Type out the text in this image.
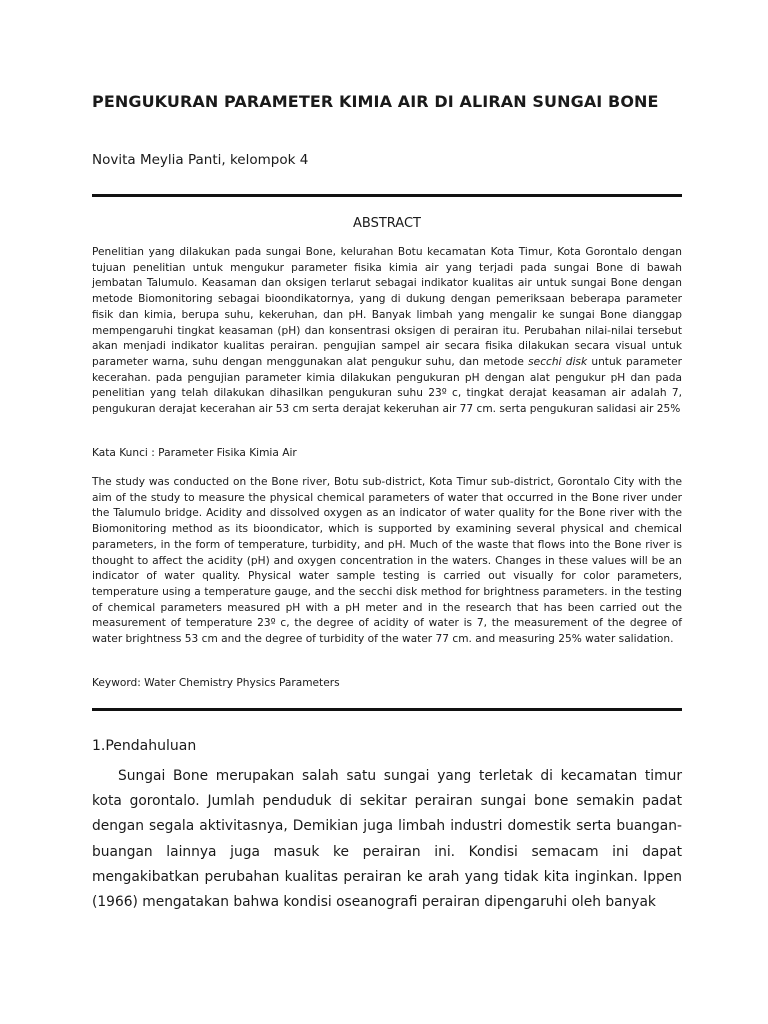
PENGUKURAN PARAMETER KIMIA AIR DI ALIRAN SUNGAI BONE

Novita Meylia Panti, kelompok 4

ABSTRACT

Penelitian yang dilakukan pada sungai Bone, kelurahan Botu kecamatan Kota Timur, Kota Gorontalo dengan tujuan penelitian untuk mengukur parameter fisika kimia air yang terjadi pada sungai Bone di bawah jembatan Talumulo. Keasaman dan oksigen terlarut sebagai indikator kualitas air untuk sungai Bone dengan metode Biomonitoring sebagai bioondikatornya, yang di dukung dengan pemeriksaan beberapa parameter fisik dan kimia, berupa suhu, kekeruhan, dan pH. Banyak limbah yang mengalir ke sungai Bone dianggap mempengaruhi tingkat keasaman (pH) dan konsentrasi oksigen di perairan itu. Perubahan nilai-nilai tersebut akan menjadi indikator kualitas perairan. pengujian sampel air secara fisika dilakukan secara visual untuk parameter warna, suhu dengan menggunakan alat pengukur suhu, dan metode secchi disk untuk parameter kecerahan. pada pengujian parameter kimia dilakukan pengukuran pH dengan alat pengukur pH dan pada penelitian yang telah dilakukan dihasilkan pengukuran suhu 23º c, tingkat derajat keasaman air adalah 7, pengukuran derajat kecerahan air 53 cm serta derajat kekeruhan air 77 cm. serta pengukuran salidasi air 25%

Kata Kunci : Parameter Fisika Kimia Air

The study was conducted on the Bone river, Botu sub-district, Kota Timur sub-district, Gorontalo City with the aim of the study to measure the physical chemical parameters of water that occurred in the Bone river under the Talumulo bridge. Acidity and dissolved oxygen as an indicator of water quality for the Bone river with the Biomonitoring method as its bioondicator, which is supported by examining several physical and chemical parameters, in the form of temperature, turbidity, and pH. Much of the waste that flows into the Bone river is thought to affect the acidity (pH) and oxygen concentration in the waters. Changes in these values will be an indicator of water quality. Physical water sample testing is carried out visually for color parameters, temperature using a temperature gauge, and the secchi disk method for brightness parameters. in the testing of chemical parameters measured pH with a pH meter and in the research that has been carried out the measurement of temperature 23º c, the degree of acidity of water is 7, the measurement of the degree of water brightness 53 cm and the degree of turbidity of the water 77 cm. and measuring 25% water salidation.

Keyword: Water Chemistry Physics Parameters

1.Pendahuluan

Sungai Bone merupakan salah satu sungai yang terletak di kecamatan timur kota gorontalo. Jumlah penduduk di sekitar perairan sungai bone semakin padat dengan segala aktivitasnya, Demikian juga limbah industri domestik serta buangan-buangan lainnya juga masuk ke perairan ini. Kondisi semacam ini dapat mengakibatkan perubahan kualitas perairan ke arah yang tidak kita inginkan. Ippen (1966) mengatakan bahwa kondisi oseanografi perairan dipengaruhi oleh banyak
